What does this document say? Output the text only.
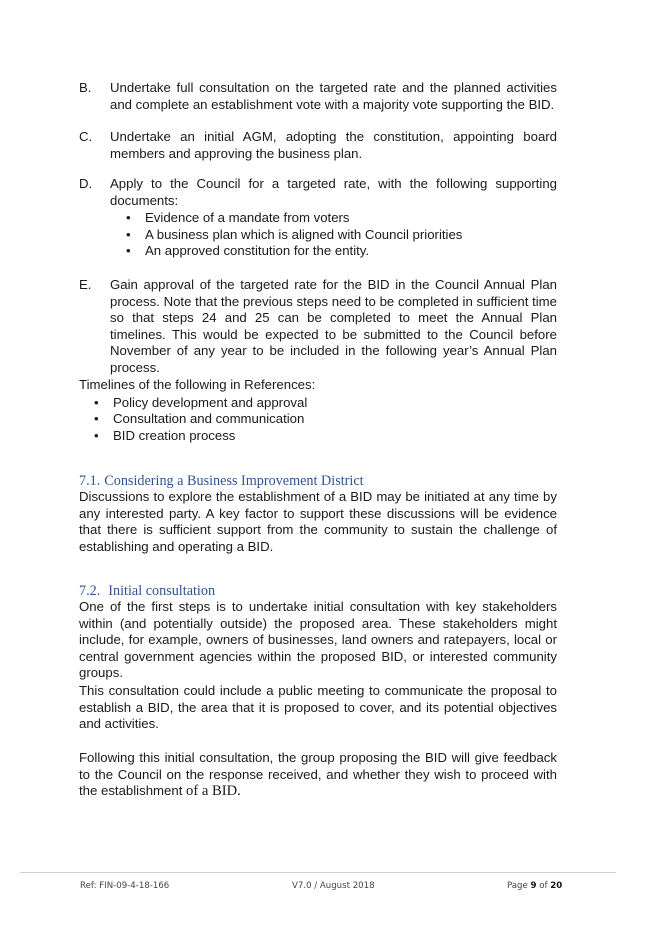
B.	Undertake full consultation on the targeted rate and the planned activities and complete an establishment vote with a majority vote supporting the BID.
C.	Undertake an initial AGM, adopting the constitution, appointing board members and approving the business plan.
D.	Apply to the Council for a targeted rate, with the following supporting documents:
• Evidence of a mandate from voters
• A business plan which is aligned with Council priorities
• An approved constitution for the entity.
E.	Gain approval of the targeted rate for the BID in the Council Annual Plan process. Note that the previous steps need to be completed in sufficient time so that steps 24 and 25 can be completed to meet the Annual Plan timelines. This would be expected to be submitted to the Council before November of any year to be included in the following year’s Annual Plan process.
Timelines of the following in References:
• Policy development and approval
• Consultation and communication
• BID creation process
7.1. Considering a Business Improvement District
Discussions to explore the establishment of a BID may be initiated at any time by any interested party. A key factor to support these discussions will be evidence that there is sufficient support from the community to sustain the challenge of establishing and operating a BID.
7.2. Initial consultation
One of the first steps is to undertake initial consultation with key stakeholders within (and potentially outside) the proposed area. These stakeholders might include, for example, owners of businesses, land owners and ratepayers, local or central government agencies within the proposed BID, or interested community groups.
This consultation could include a public meeting to communicate the proposal to establish a BID, the area that it is proposed to cover, and its potential objectives and activities.
Following this initial consultation, the group proposing the BID will give feedback to the Council on the response received, and whether they wish to proceed with the establishment of a BID.
Ref: FIN-09-4-18-166	V7.0 / August 2018	Page 9 of 20
